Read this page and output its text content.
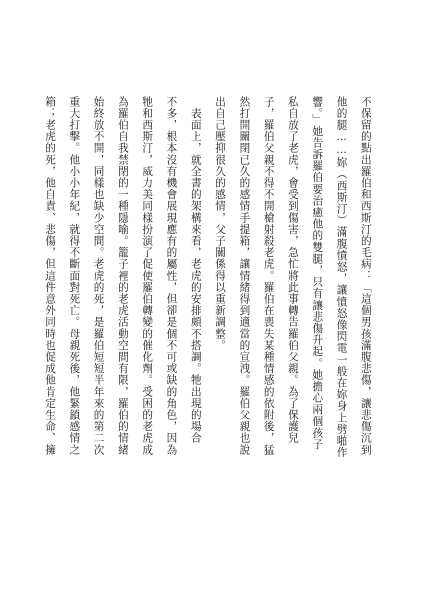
不保留的點出羅伯和西斯汀的毛病：「這個男孩滿腹悲傷，讓悲傷沉到
他的腿……妳（西斯汀）滿腹憤怒，讓憤怒像閃電一般在妳身上劈啪作
響。」她告訴羅伯要治癒他的雙腿，只有讓悲傷升起。她擔心兩個孩子
私自放了老虎，會受到傷害，急忙將此事轉告羅伯父親。為了保護兒
子，羅伯父親不得不開槍射殺老虎。羅伯在喪失某種情感的依附後，猛
然打開關閉已久的感情手提箱，讓情緒得到適當的宣洩。羅伯父親也說
出自己壓抑很久的感情，父子關係得以重新調整。
　表面上，就全書的架構來看，老虎的安排頗不搭調。牠出現的場合
不多，根本沒有機會展現應有的屬性，但卻是個不可或缺的角色，因為
牠和西斯汀，威力美同樣扮演了促使羅伯轉變的催化劑。受困的老虎成
為羅伯自我禁閉的一種隱喻。籠子裡的老虎活動空間有限，羅伯的情緒
始終放不開，同樣也缺少空間。老虎的死，是羅伯短短半年來的第二次
重大打擊。他小小年紀，就得不斷面對死亡。母親死後，他緊鎖感情之
箱；老虎的死，他自責、悲傷，但這件意外同時也促成他肯定生命、擁
